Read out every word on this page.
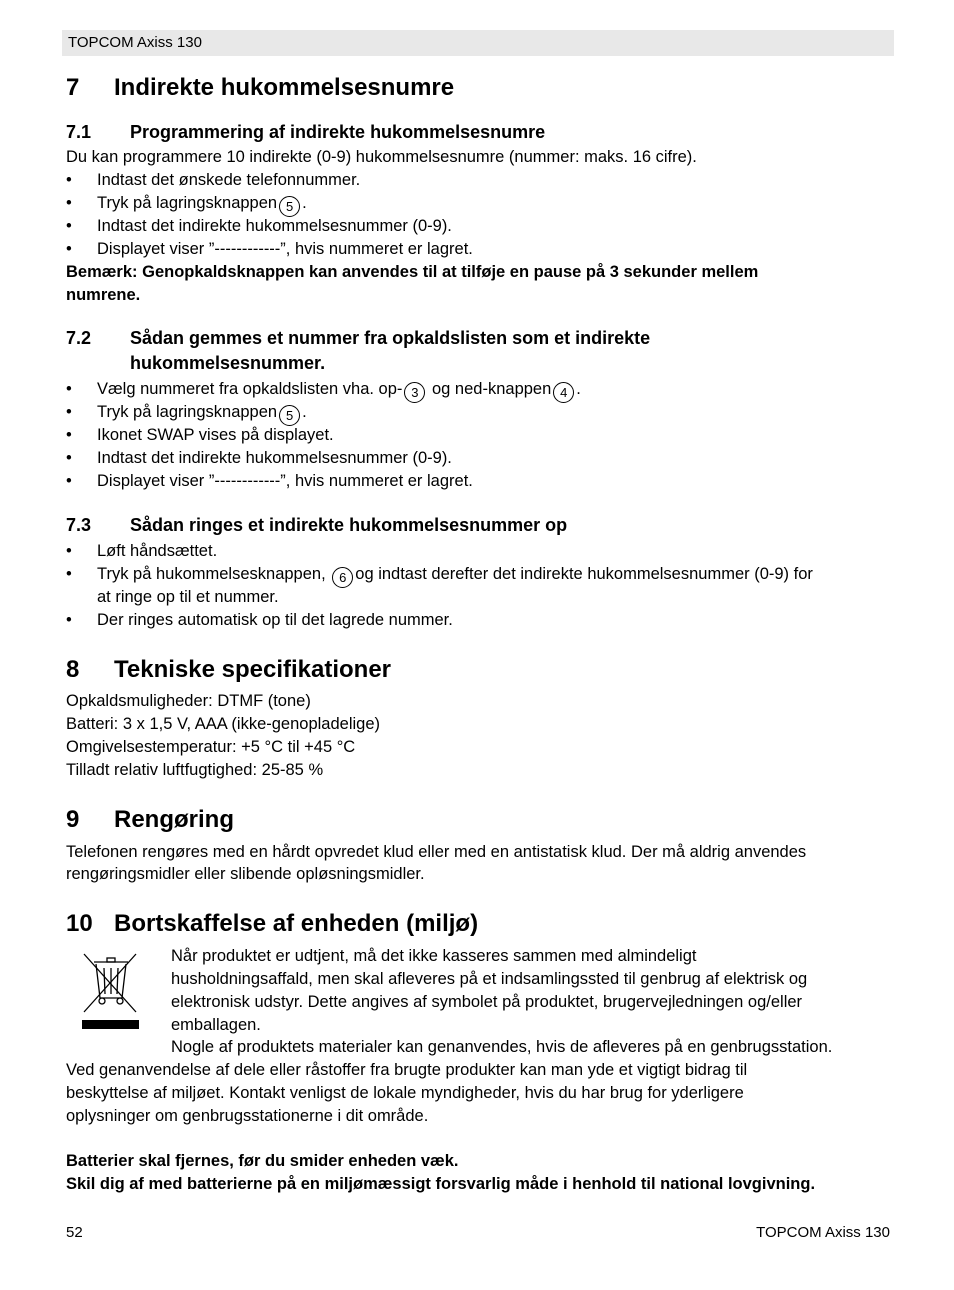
TOPCOM Axiss 130
7 Indirekte hukommelsesnumre
7.1 Programmering af indirekte hukommelsesnumre
Du kan programmere 10 indirekte (0-9) hukommelsesnumre (nummer: maks. 16 cifre).
• Indtast det ønskede telefonnummer.
• Tryk på lagringsknappen 5 .
• Indtast det indirekte hukommelsesnummer (0-9).
• Displayet viser ”------------”, hvis nummeret er lagret.
Bemærk: Genopkaldsknappen kan anvendes til at tilføje en pause på 3 sekunder mellem
numrene.
7.2 Sådan gemmes et nummer fra opkaldslisten som et indirekte
hukommelsesnummer.
• Vælg nummeret fra opkaldslisten vha. op- 3 og ned-knappen 4 .
• Tryk på lagringsknappen 5 .
• Ikonet SWAP vises på displayet.
• Indtast det indirekte hukommelsesnummer (0-9).
• Displayet viser ”------------”, hvis nummeret er lagret.
7.3 Sådan ringes et indirekte hukommelsesnummer op
• Løft håndsættet.
• Tryk på hukommelsesknappen, 6 og indtast derefter det indirekte hukommelsesnummer (0-9) for
at ringe op til et nummer.
• Der ringes automatisk op til det lagrede nummer.
8 Tekniske specifikationer
Opkaldsmuligheder: DTMF (tone)
Batteri: 3 x 1,5 V, AAA (ikke-genopladelige)
Omgivelsestemperatur: +5 °C til +45 °C
Tilladt relativ luftfugtighed: 25-85 %
9 Rengøring
Telefonen rengøres med en hårdt opvredet klud eller med en antistatisk klud. Der må aldrig anvendes
rengøringsmidler eller slibende opløsningsmidler.
10 Bortskaffelse af enheden (miljø)
Når produktet er udtjent, må det ikke kasseres sammen med almindeligt
husholdningsaffald, men skal afleveres på et indsamlingssted til genbrug af elektrisk og
elektronisk udstyr. Dette angives af symbolet på produktet, brugervejledningen og/eller
emballagen.
Nogle af produktets materialer kan genanvendes, hvis de afleveres på en genbrugsstation.
Ved genanvendelse af dele eller råstoffer fra brugte produkter kan man yde et vigtigt bidrag til
beskyttelse af miljøet. Kontakt venligst de lokale myndigheder, hvis du har brug for yderligere
oplysninger om genbrugsstationerne i dit område.
Batterier skal fjernes, før du smider enheden væk.
Skil dig af med batterierne på en miljømæssigt forsvarlig måde i henhold til national lovgivning.
52	TOPCOM Axiss 130
